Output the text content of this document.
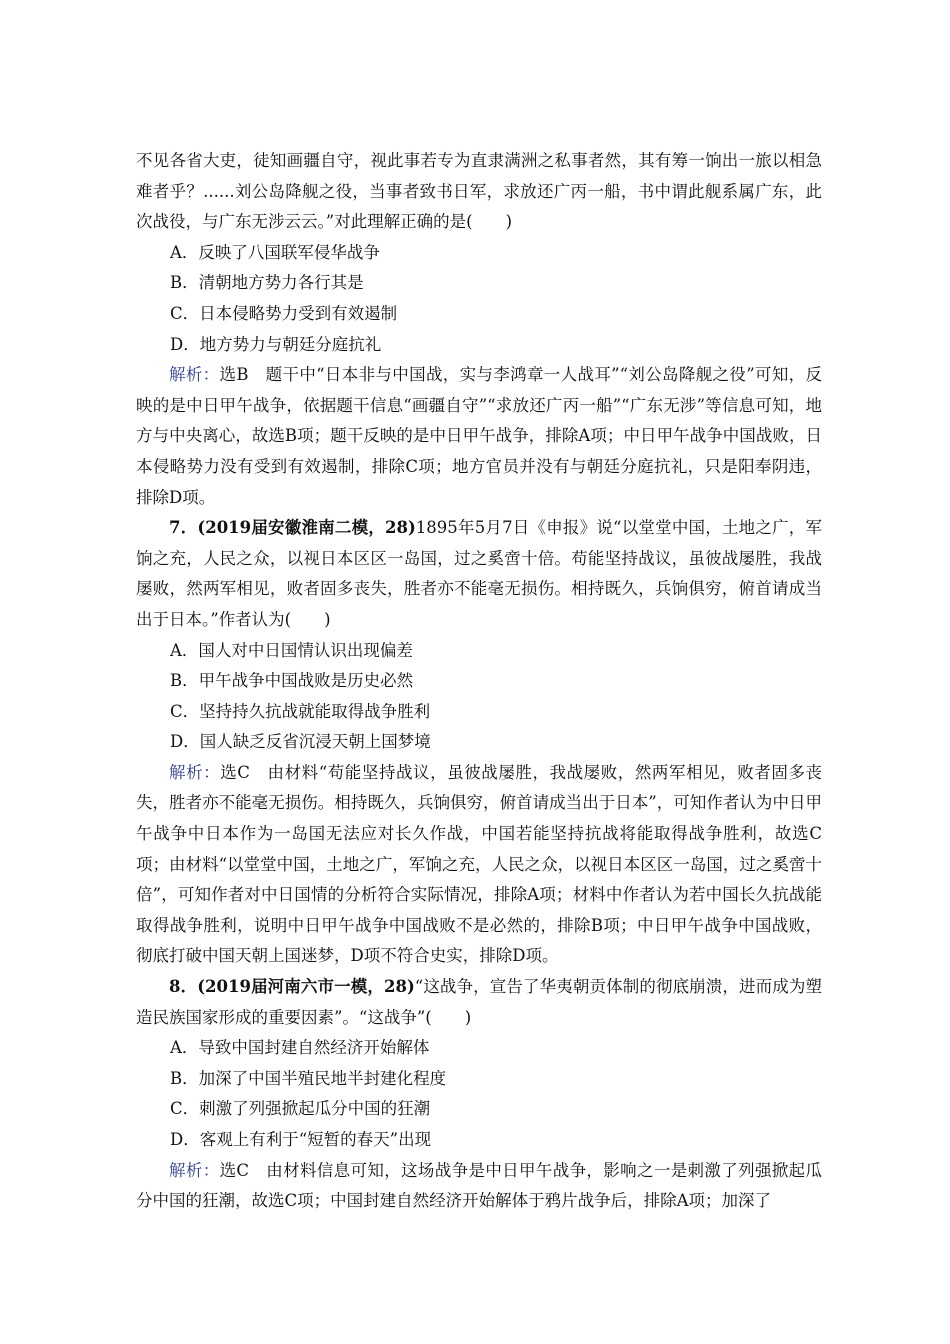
不见各省大吏，徒知画疆自守，视此事若专为直隶满洲之私事者然，其有筹一饷出一旅以相急难者乎？......刘公岛降舰之役，当事者致书日军，求放还广丙一船，书中谓此舰系属广东，此次战役，与广东无涉云云。”对此理解正确的是(　　)

A．反映了八国联军侵华战争

B．清朝地方势力各行其是

C．日本侵略势力受到有效遏制

D．地方势力与朝廷分庭抗礼

解析：选B　题干中“日本非与中国战，实与李鸿章一人战耳”“刘公岛降舰之役”可知，反映的是中日甲午战争，依据题干信息“画疆自守”“求放还广丙一船”“广东无涉”等信息可知，地方与中央离心，故选B项；题干反映的是中日甲午战争，排除A项；中日甲午战争中国战败，日本侵略势力没有受到有效遏制，排除C项；地方官员并没有与朝廷分庭抗礼，只是阳奉阴违，排除D项。

7．(2019届安徽淮南二模，28)1895年5月7日《申报》说“以堂堂中国，土地之广，军饷之充，人民之众，以视日本区区一岛国，过之奚啻十倍。苟能坚持战议，虽彼战屡胜，我战屡败，然两军相见，败者固多丧失，胜者亦不能毫无损伤。相持既久，兵饷俱穷，俯首请成当出于日本。”作者认为(　　)

A．国人对中日国情认识出现偏差

B．甲午战争中国战败是历史必然

C．坚持持久抗战就能取得战争胜利

D．国人缺乏反省沉浸天朝上国梦境

解析：选C　由材料“苟能坚持战议，虽彼战屡胜，我战屡败，然两军相见，败者固多丧失，胜者亦不能毫无损伤。相持既久，兵饷俱穷，俯首请成当出于日本”，可知作者认为中日甲午战争中日本作为一岛国无法应对长久作战，中国若能坚持抗战将能取得战争胜利，故选C项；由材料“以堂堂中国，土地之广，军饷之充，人民之众，以视日本区区一岛国，过之奚啻十倍”，可知作者对中日国情的分析符合实际情况，排除A项；材料中作者认为若中国长久抗战能取得战争胜利，说明中日甲午战争中国战败不是必然的，排除B项；中日甲午战争中国战败，彻底打破中国天朝上国迷梦，D项不符合史实，排除D项。

8．(2019届河南六市一模，28)“这战争，宣告了华夷朝贡体制的彻底崩溃，进而成为塑造民族国家形成的重要因素”。“这战争”(　　)

A．导致中国封建自然经济开始解体

B．加深了中国半殖民地半封建化程度

C．刺激了列强掀起瓜分中国的狂潮

D．客观上有利于“短暂的春天”出现

解析：选C　由材料信息可知，这场战争是中日甲午战争，影响之一是刺激了列强掀起瓜分中国的狂潮，故选C项；中国封建自然经济开始解体于鸦片战争后，排除A项；加深了
